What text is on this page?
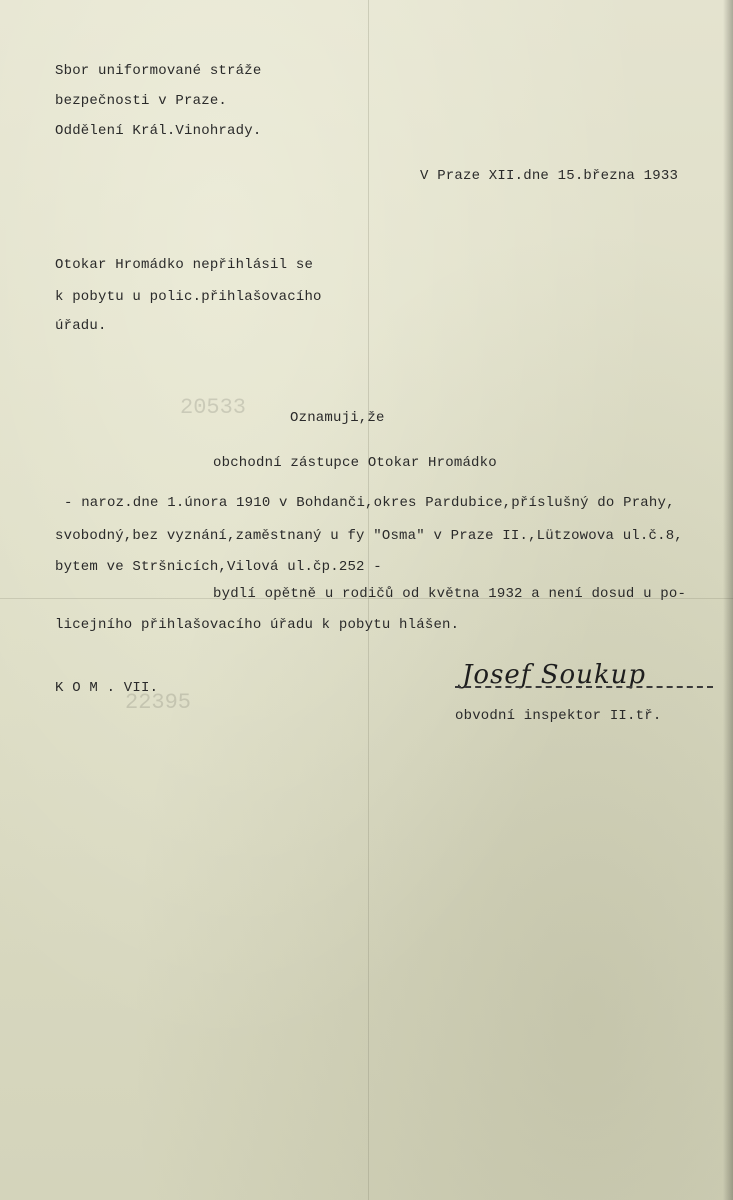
20533
22395
Sbor uniformované stráže
bezpečnosti v Praze.
Oddělení Král.Vinohrady.
V Praze XII.dne 15.března 1933
Otokar Hromádko nepřihlásil se
k pobytu u polic.přihlašovacího
úřadu.
Oznamuji,že
obchodní zástupce Otokar Hromádko
- naroz.dne 1.února 1910 v Bohdanči,okres Pardubice,příslušný do Prahy,
svobodný,bez vyznání,zaměstnaný u fy "Osma" v Praze II.,Lützowova ul.č.8,
bytem ve Stršnicích,Vilová ul.čp.252 -
bydlí opětně u rodičů od května 1932 a není dosud u po-
licejního přihlašovacího úřadu k pobytu hlášen.
K O M . VII.	Josef Soukup
obvodní inspektor II.tř.
